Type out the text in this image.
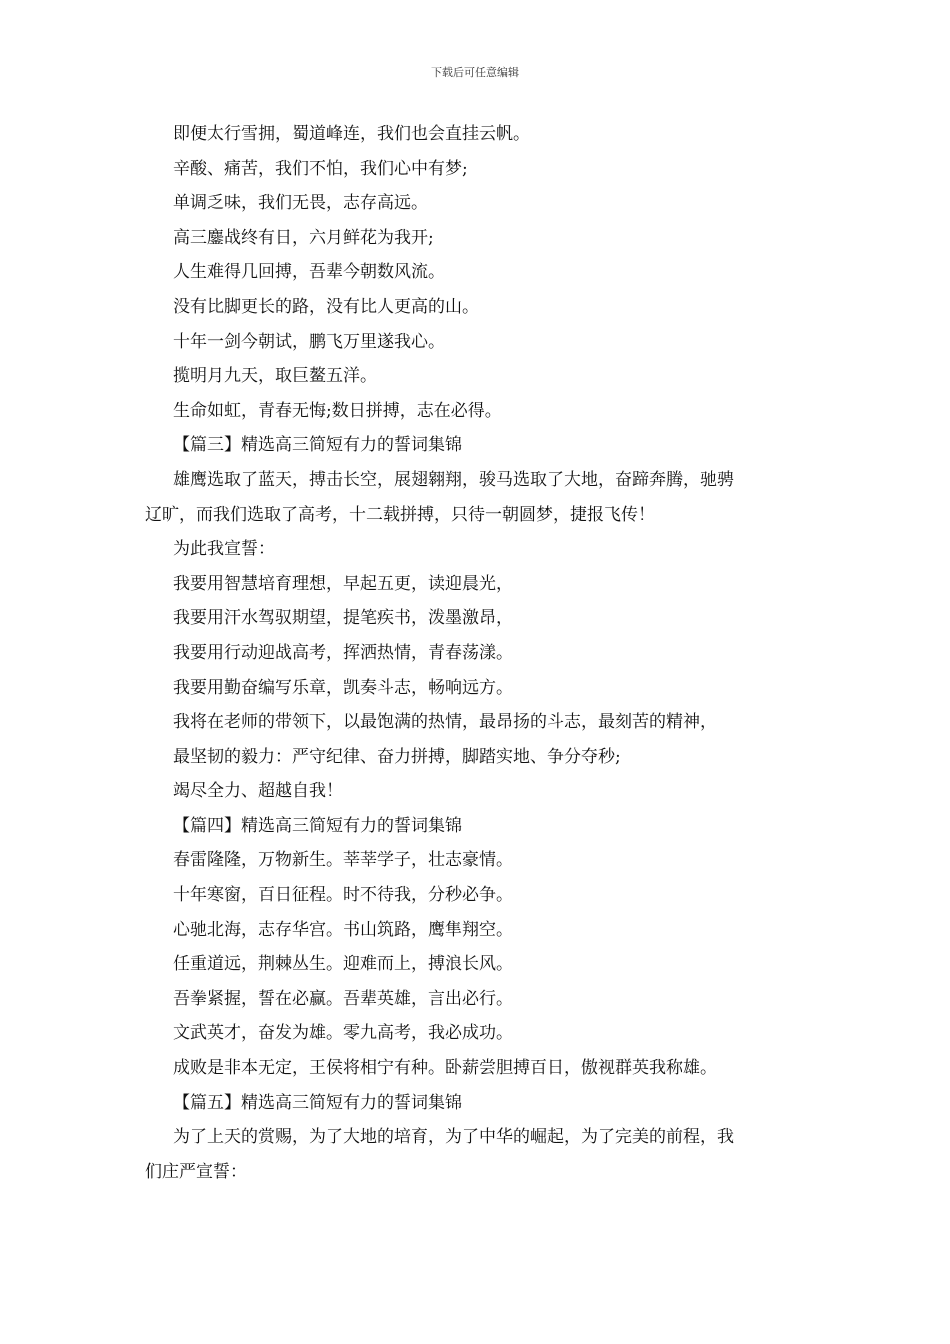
下载后可任意编辑
即便太行雪拥，蜀道峰连，我们也会直挂云帆。
辛酸、痛苦，我们不怕，我们心中有梦;
单调乏味，我们无畏，志存高远。
高三鏖战终有日，六月鲜花为我开;
人生难得几回搏，吾辈今朝数风流。
没有比脚更长的路，没有比人更高的山。
十年一剑今朝试，鹏飞万里遂我心。
揽明月九天，取巨鳌五洋。
生命如虹，青春无悔;数日拼搏，志在必得。
【篇三】精选高三简短有力的誓词集锦
雄鹰选取了蓝天，搏击长空，展翅翱翔，骏马选取了大地，奋蹄奔腾，驰骋
辽旷，而我们选取了高考，十二载拼搏，只待一朝圆梦，捷报飞传！
为此我宣誓：
我要用智慧培育理想，早起五更，读迎晨光，
我要用汗水驾驭期望，提笔疾书，泼墨激昂，
我要用行动迎战高考，挥洒热情，青春荡漾。
我要用勤奋编写乐章，凯奏斗志，畅响远方。
我将在老师的带领下，以最饱满的热情，最昂扬的斗志，最刻苦的精神，
最坚韧的毅力：严守纪律、奋力拼搏，脚踏实地、争分夺秒;
竭尽全力、超越自我！
【篇四】精选高三简短有力的誓词集锦
春雷隆隆，万物新生。莘莘学子，壮志豪情。
十年寒窗，百日征程。时不待我，分秒必争。
心驰北海，志存华宫。书山筑路，鹰隼翔空。
任重道远，荆棘丛生。迎难而上，搏浪长风。
吾拳紧握，誓在必赢。吾辈英雄，言出必行。
文武英才，奋发为雄。零九高考，我必成功。
成败是非本无定，王侯将相宁有种。卧薪尝胆搏百日，傲视群英我称雄。
【篇五】精选高三简短有力的誓词集锦
为了上天的赏赐，为了大地的培育，为了中华的崛起，为了完美的前程，我
们庄严宣誓：
